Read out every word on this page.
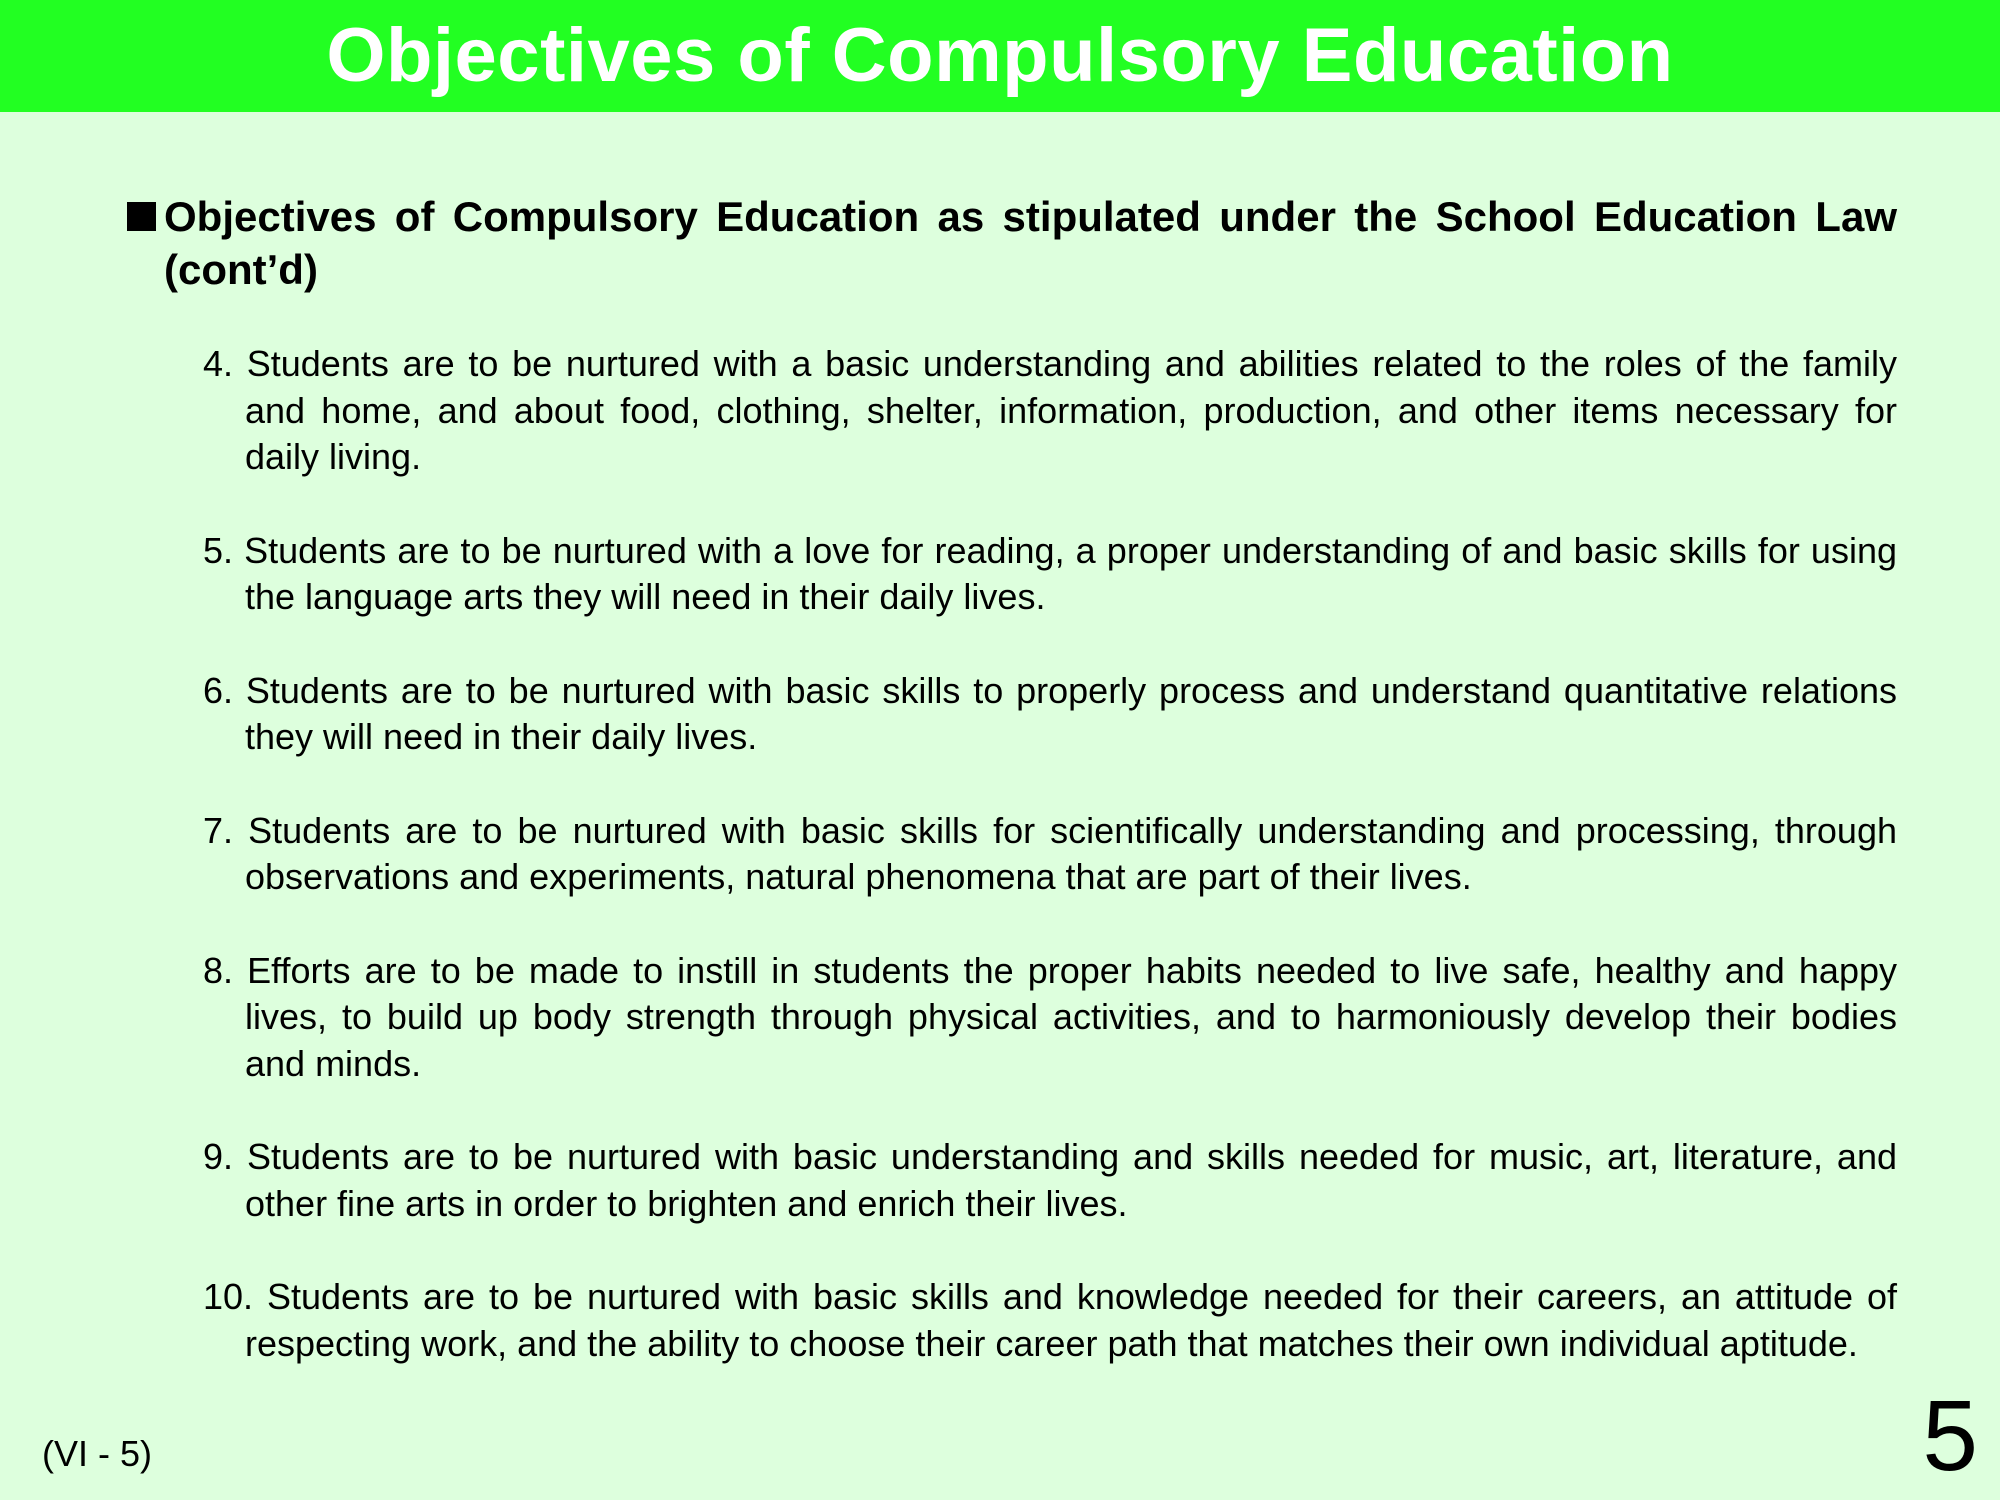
Objectives of Compulsory Education
Objectives of Compulsory Education as stipulated under the School Education Law (cont’d)
4. Students are to be nurtured with a basic understanding and abilities related to the roles of the family and home, and about food, clothing, shelter, information, production, and other items necessary for daily living.
5. Students are to be nurtured with a love for reading, a proper understanding of and basic skills for using the language arts they will need in their daily lives.
6. Students are to be nurtured with basic skills to properly process and understand quantitative relations they will need in their daily lives.
7. Students are to be nurtured with basic skills for scientifically understanding and processing, through observations and experiments, natural phenomena that are part of their lives.
8. Efforts are to be made to instill in students the proper habits needed to live safe, healthy and happy lives, to build up body strength through physical activities, and to harmoniously develop their bodies and minds.
9. Students are to be nurtured with basic understanding and skills needed for music, art, literature, and other fine arts in order to brighten and enrich their lives.
10. Students are to be nurtured with basic skills and knowledge needed for their careers, an attitude of respecting work, and the ability to choose their career path that matches their own individual aptitude.
(VI - 5)	5
